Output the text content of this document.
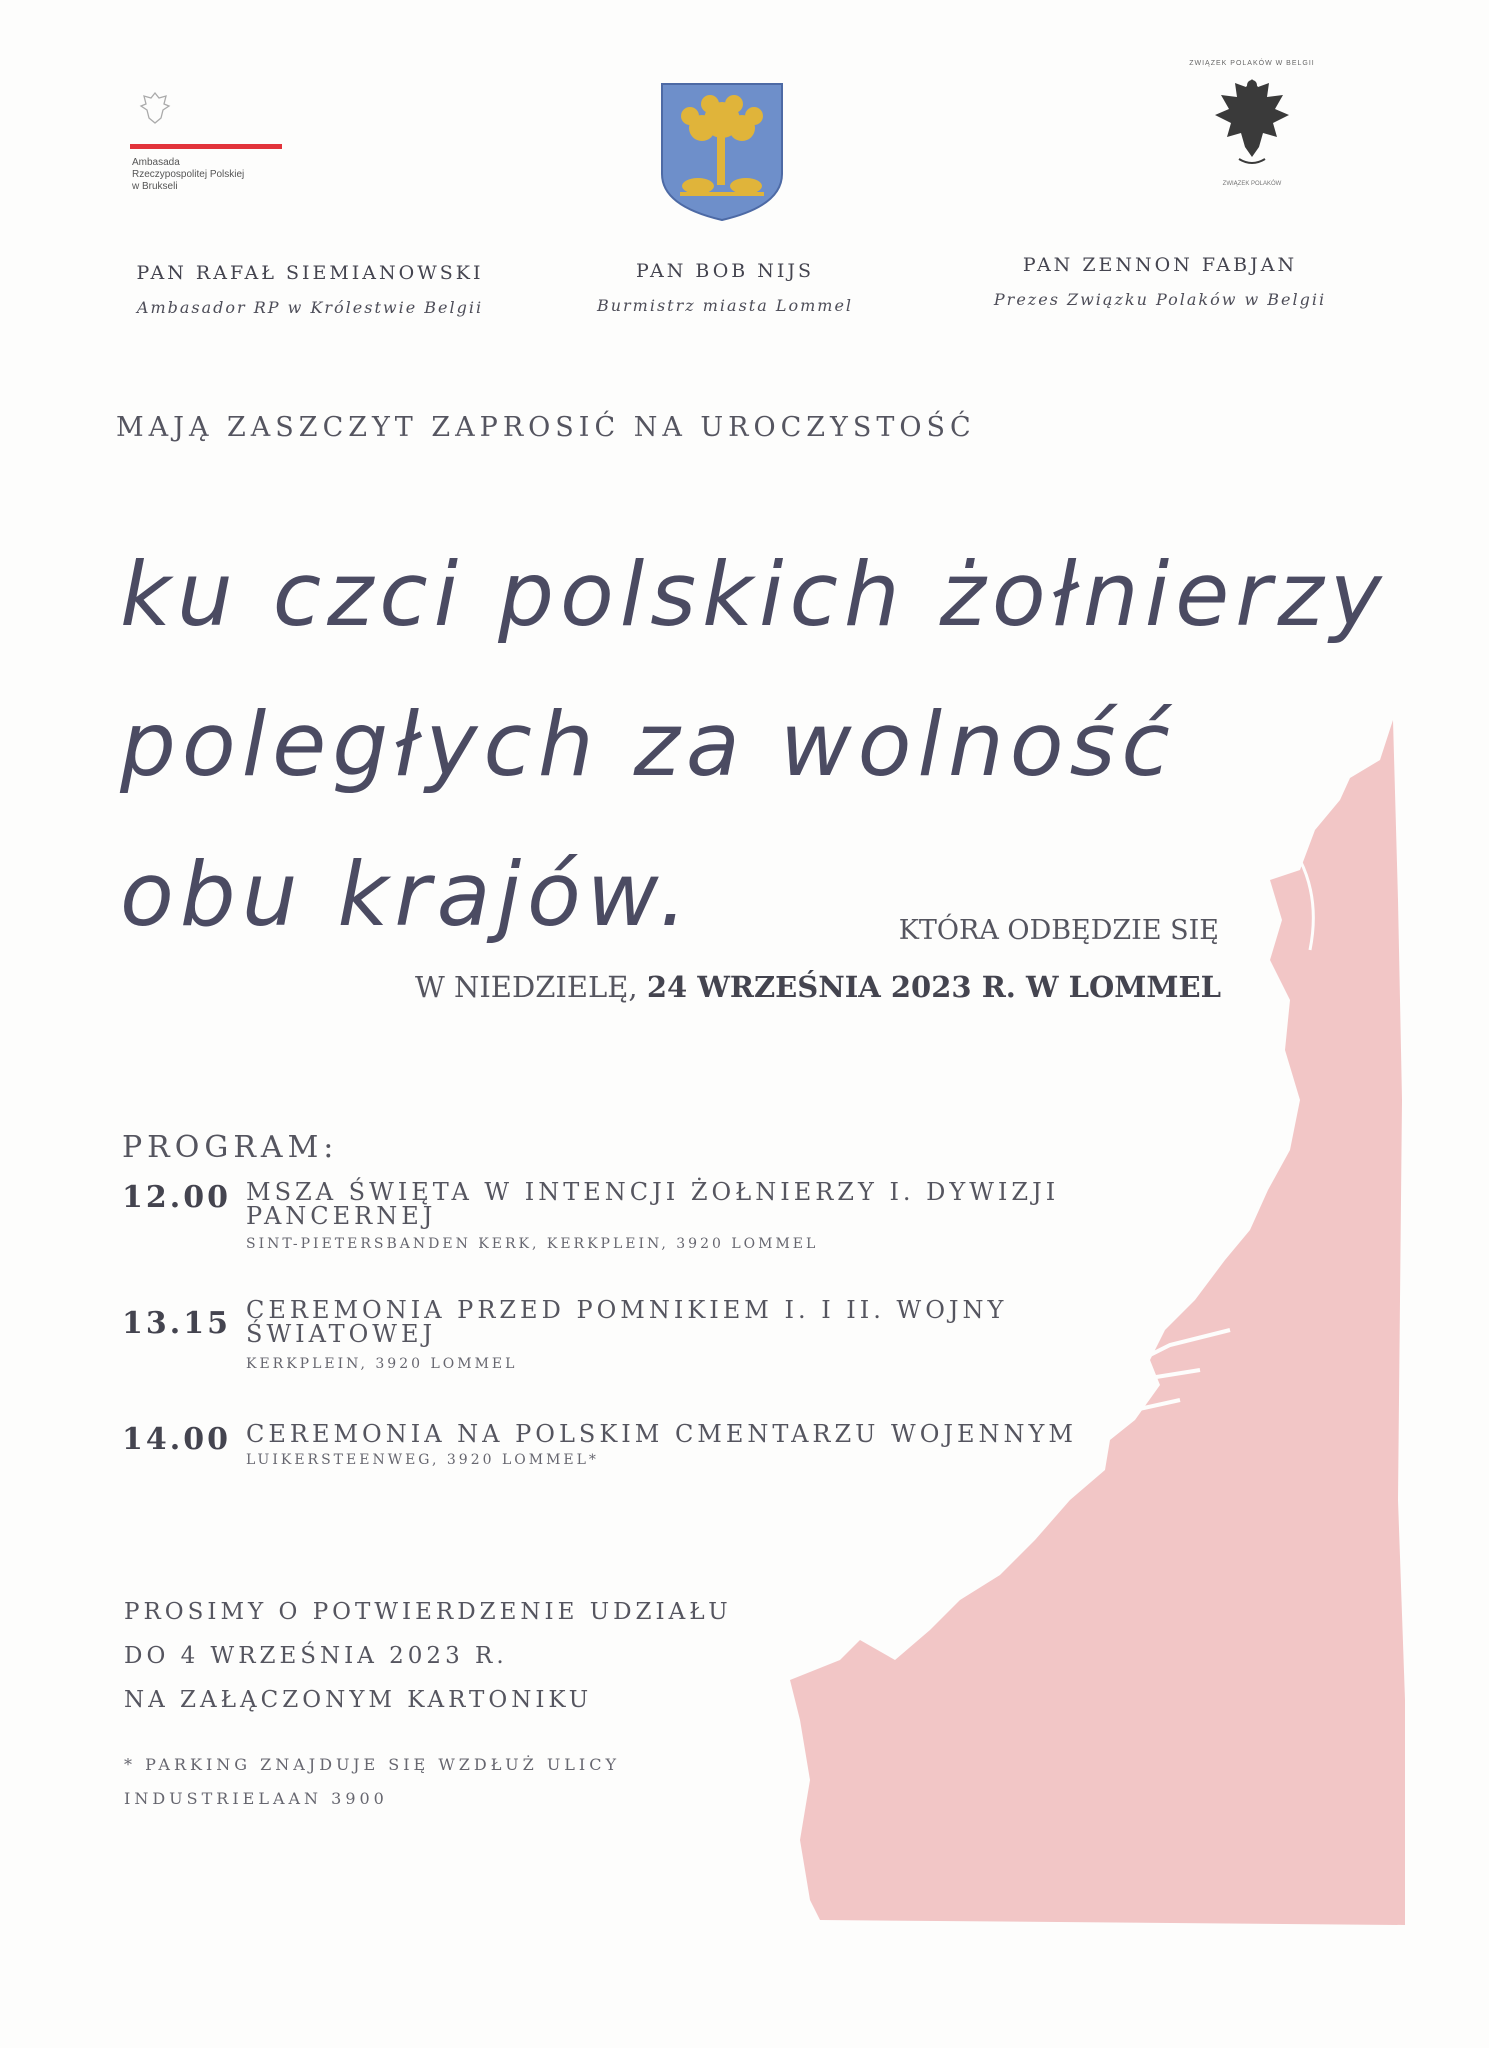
Ambasada
Rzeczypospolitej Polskiej
w Brukseli
ZWIĄZEK POLAKÓW W BELGII
ZWIĄZEK POLAKÓW
PAN RAFAŁ SIEMIANOWSKI
Ambasador RP w Królestwie Belgii
PAN BOB NIJS
Burmistrz miasta Lommel
PAN ZENNON FABJAN
Prezes Związku Polaków w Belgii
MAJĄ ZASZCZYT ZAPROSIĆ NA UROCZYSTOŚĆ
ku czci polskich żołnierzy
poległych za wolność
obu krajów.	KTÓRA ODBĘDZIE SIĘ
W NIEDZIELĘ, 24 WRZEŚNIA 2023 R. W LOMMEL
PROGRAM:
12.00 MSZA ŚWIĘTA W INTENCJI ŻOŁNIERZY I. DYWIZJI PANCERNEJ
SINT-PIETERSBANDEN KERK, KERKPLEIN, 3920 LOMMEL
13.15 CEREMONIA PRZED POMNIKIEM I. I II. WOJNY ŚWIATOWEJ
KERKPLEIN, 3920 LOMMEL
14.00 CEREMONIA NA POLSKIM CMENTARZU WOJENNYM
LUIKERSTEENWEG, 3920 LOMMEL*
PROSIMY O POTWIERDZENIE UDZIAŁU
DO 4 WRZEŚNIA 2023 R.
NA ZAŁĄCZONYM KARTONIKU
* PARKING ZNAJDUJE SIĘ WZDŁUŻ ULICY
INDUSTRIELAAN 3900
